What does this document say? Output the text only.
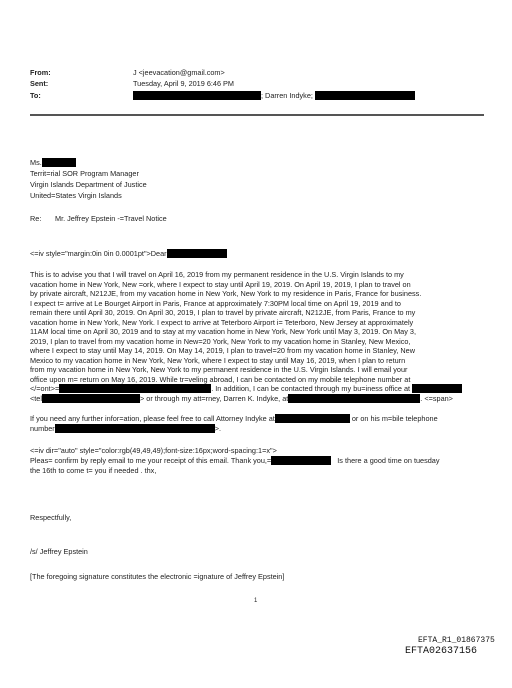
From:	J <jeevacation@gmail.com>
Sent:	Tuesday, April 9, 2019 6:46 PM
To:	; Darren Indyke;
Ms.
Territ=rial SOR Program Manager
Virgin Islands Department of Justice
United=States Virgin Islands
Re: Mr. Jeffrey Epstein -=Travel Notice
<=iv style="margin:0in 0in 0.0001pt">Dear
This is to advise you that I will travel on April 16, 2019 from my permanent residence in the U.S. Virgin Islands to my
vacation home in New York, New =ork, where I expect to stay until April 19, 2019. On April 19, 2019, I plan to travel on
by private aircraft, N212JE, from my vacation home in New York, New York to my residence in Paris, France for business.
I expect t= arrive at Le Bourget Airport in Paris, France at approximately 7:30PM local time on April 19, 2019 and to
remain there until April 30, 2019. On April 30, 2019, I plan to travel by private aircraft, N212JE, from Paris, France to my
vacation home in New York, New York. I expect to arrive at Teterboro Airport i= Teterboro, New Jersey at approximately
11AM local time on April 30, 2019 and to stay at my vacation home in New York, New York until May 3, 2019. On May 3,
2019, I plan to travel from my vacation home in New=20 York, New York to my vacation home in Stanley, New Mexico,
where I expect to stay until May 14, 2019. On May 14, 2019, I plan to travel=20 from my vacation home in Stanley, New
Mexico to my vacation home in New York, New York, where I expect to stay until May 16, 2019, when I plan to return
from my vacation home in New York, New York to my permanent residence in the U.S. Virgin Islands. I will email your
office upon m= return on May 16, 2019. While tr=veling abroad, I can be contacted on my mobile telephone number at
</=ont>=	. In addition, I can be contacted through my bu=iness office at
<tel	> or through my att=rney, Darren K. Indyke, at	. <=span>
If you need any further infor=ation, please feel free to call Attorney Indyke at	or on his m=bile telephone
number	>.
<=iv dir="auto" style="color:rgb(49,49,49);font-size:16px;word-spacing:1=x">
Pleas= confirm by reply email to me your receipt of this email. Thank you,=	Is there a good time on tuesday
the 16th to come t= you if needed . thx,
Respectfully,
/s/ Jeffrey Epstein
[The foregoing signature constitutes the electronic =ignature of Jeffrey Epstein]
1
EFTA_R1_01867375
EFTA02637156
